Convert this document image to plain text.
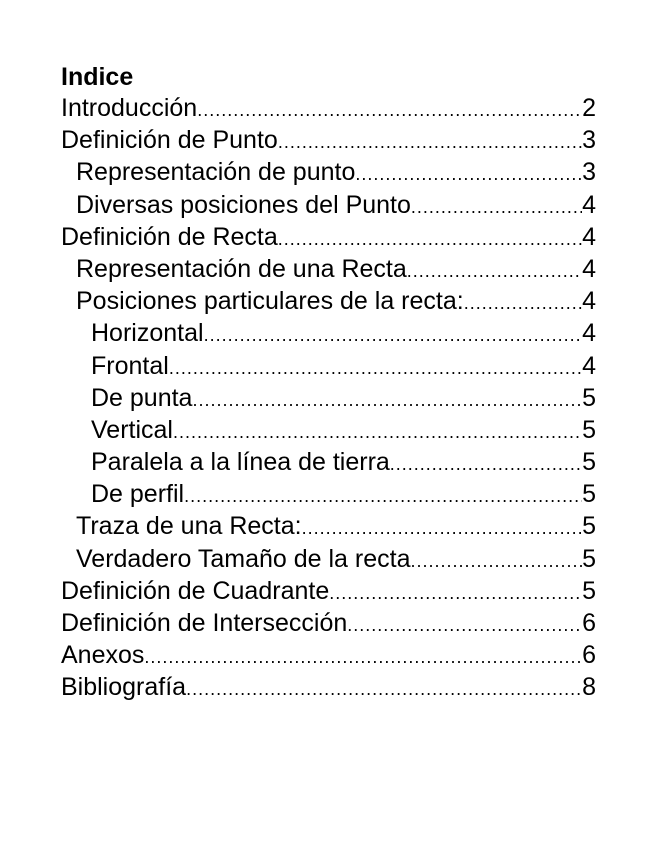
Indice
Introducción .....	2
Definición de Punto .....	3
Representación de punto .....	3
Diversas posiciones del Punto .....	4
Definición de Recta .....	4
Representación de una Recta .....	4
Posiciones particulares de la recta: .....	4
Horizontal .....	4
Frontal .....	4
De punta .....	5
Vertical .....	5
Paralela a la línea de tierra .....	5
De perfil .....	5
Traza de una Recta: .....	5
Verdadero Tamaño de la recta .....	5
Definición de Cuadrante .....	5
Definición de Intersección .....	6
Anexos .....	6
Bibliografía .....	8
